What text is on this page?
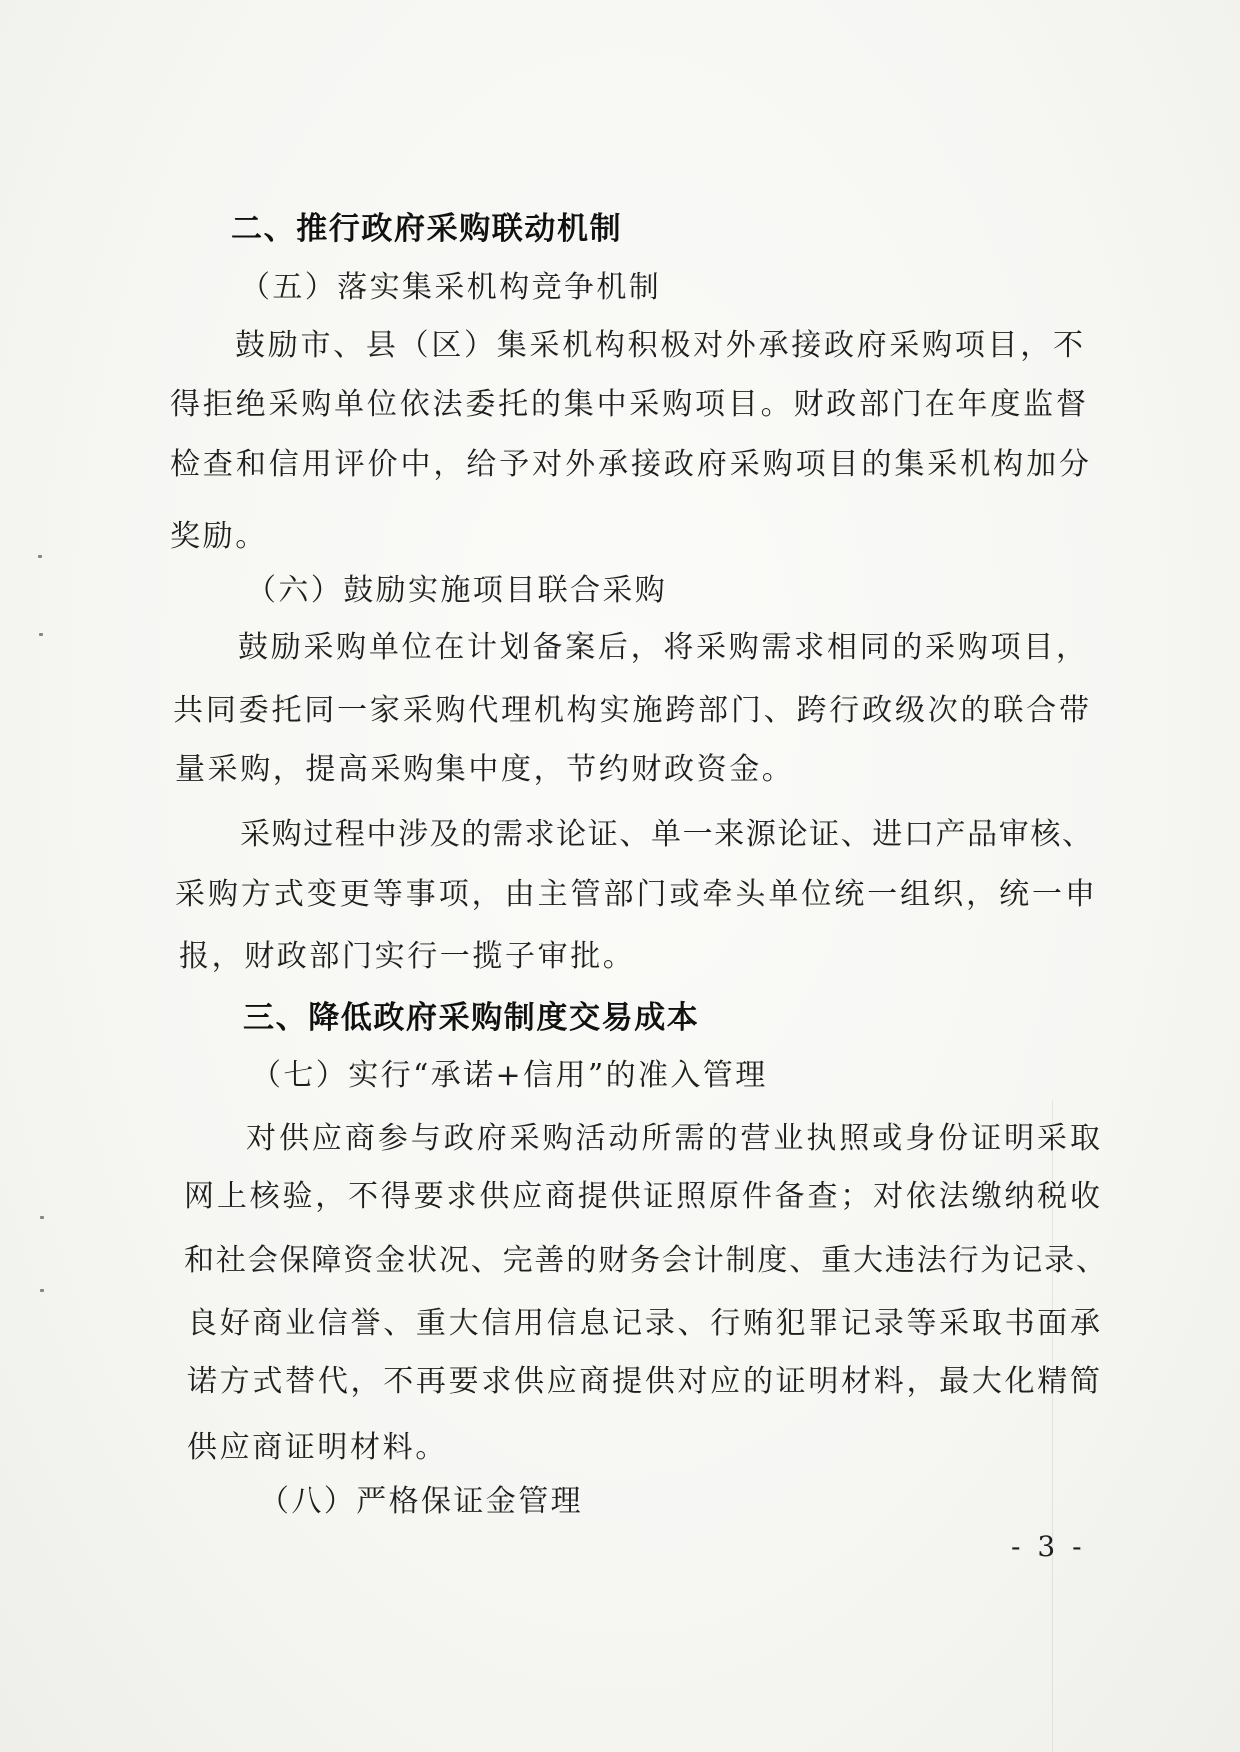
二、推行政府采购联动机制
（五）落实集采机构竞争机制
鼓励市、县（区）集采机构积极对外承接政府采购项目，不
得拒绝采购单位依法委托的集中采购项目。财政部门在年度监督
检查和信用评价中，给予对外承接政府采购项目的集采机构加分
奖励。
（六）鼓励实施项目联合采购
鼓励采购单位在计划备案后，将采购需求相同的采购项目，
共同委托同一家采购代理机构实施跨部门、跨行政级次的联合带
量采购，提高采购集中度，节约财政资金。
采购过程中涉及的需求论证、单一来源论证、进口产品审核、
采购方式变更等事项，由主管部门或牵头单位统一组织，统一申
报，财政部门实行一揽子审批。
三、降低政府采购制度交易成本
（七）实行“承诺+信用”的准入管理
对供应商参与政府采购活动所需的营业执照或身份证明采取
网上核验，不得要求供应商提供证照原件备查；对依法缴纳税收
和社会保障资金状况、完善的财务会计制度、重大违法行为记录、
良好商业信誉、重大信用信息记录、行贿犯罪记录等采取书面承
诺方式替代，不再要求供应商提供对应的证明材料，最大化精简
供应商证明材料。
（八）严格保证金管理
- 3 -
